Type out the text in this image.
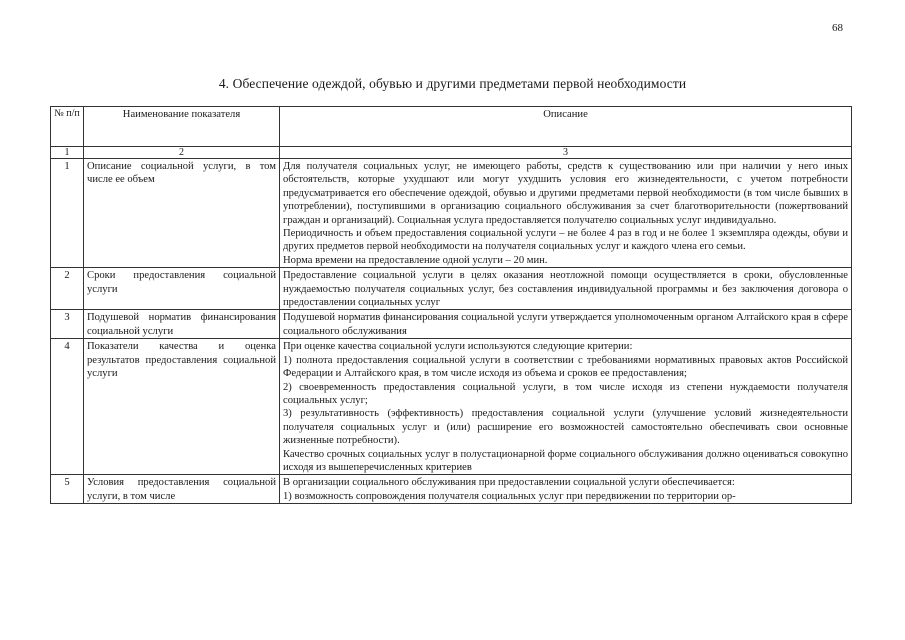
68
4. Обеспечение одеждой, обувью и другими предметами первой необходимости
№ п/п	Наименование показателя	Описание
1	2	3
1	Описание социальной услуги, в том числе ее объем	Для получателя социальных услуг, не имеющего работы, средств к существованию или при наличии у него иных обстоятельств, которые ухудшают или могут ухудшить условия его жизнедеятельности, с учетом потребности предусматривается его обеспечение одеждой, обувью и другими предметами первой необходимости (в том числе бывших в употреблении), поступившими в организацию социального обслуживания за счет благотворительности (пожертвований граждан и организаций). Социальная услуга предоставляется получателю социальных услуг индивидуально.

Периодичность и объем предоставления социальной услуги – не более 4 раз в год и не более 1 экземпляра одежды, обуви и других предметов первой необходимости на получателя социальных услуг и каждого члена его семьи.

Норма времени на предоставление одной услуги – 20 мин.

2	Сроки предоставления социальной услуги	Предоставление социальной услуги в целях оказания неотложной помощи осуществляется в сроки, обусловленные нуждаемостью получателя социальных услуг, без составления индивидуальной программы и без заключения договора о предоставлении социальных услуг

3	Подушевой норматив финансирования социальной услуги	Подушевой норматив финансирования социальной услуги утверждается уполномоченным органом Алтайского края в сфере социального обслуживания

4	Показатели качества и оценка результатов предоставления социальной услуги	При оценке качества социальной услуги используются следующие критерии:

1) полнота предоставления социальной услуги в соответствии с требованиями нормативных правовых актов Российской Федерации и Алтайского края, в том числе исходя из объема и сроков ее предоставления;

2) своевременность предоставления социальной услуги, в том числе исходя из степени нуждаемости получателя социальных услуг;

3) результативность (эффективность) предоставления социальной услуги (улучшение условий жизнедеятельности получателя социальных услуг и (или) расширение его возможностей самостоятельно обеспечивать свои основные жизненные потребности).

Качество срочных социальных услуг в полустационарной форме социального обслуживания должно оцениваться совокупно исходя из вышеперечисленных критериев

5	Условия предоставления социальной услуги, в том числе	В организации социального обслуживания при предоставлении социальной услуги обеспечивается:

1) возможность сопровождения получателя социальных услуг при передвижении по территории ор-
